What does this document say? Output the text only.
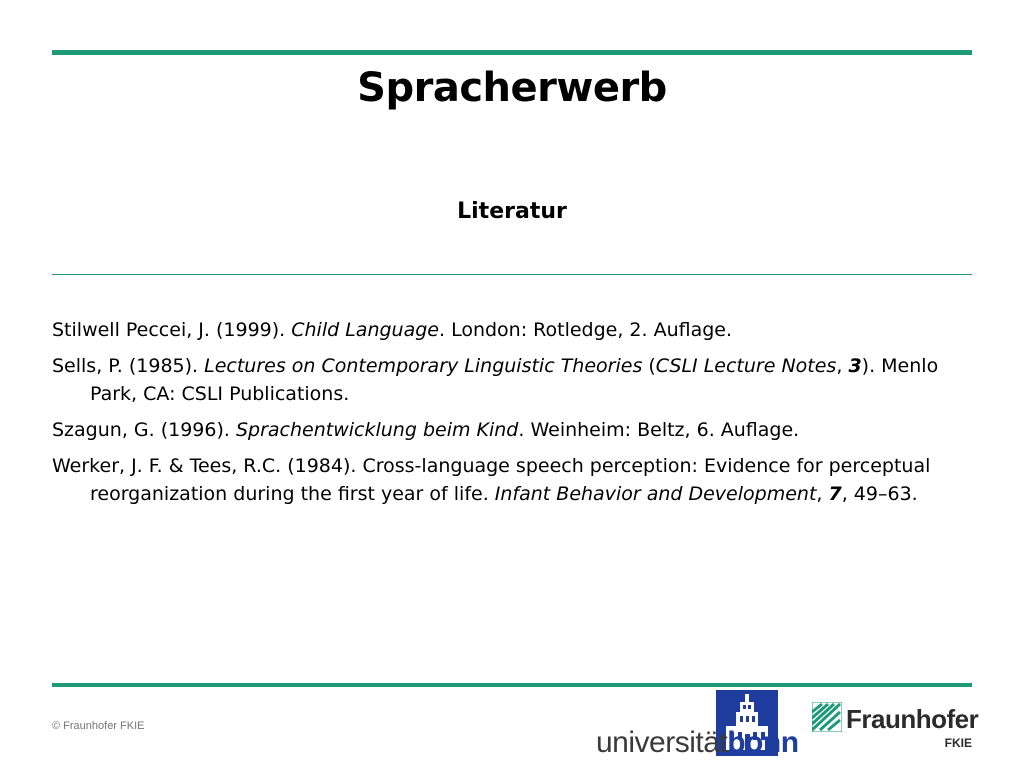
Spracherwerb
Literatur

Stilwell Peccei, J. (1999). Child Language. London: Rotledge, 2. Auflage.

Sells, P. (1985). Lectures on Contemporary Linguistic Theories (CSLI Lecture Notes, 3). Menlo Park, CA: CSLI Publications.

Szagun, G. (1996). Sprachentwicklung beim Kind. Weinheim: Beltz, 6. Auflage.

Werker, J. F. & Tees, R.C. (1984). Cross-language speech perception: Evidence for perceptual reorganization during the first year of life. Infant Behavior and Development, 7, 49–63.

© Fraunhofer FKIE	universitätbonn
Fraunhofer
FKIE
